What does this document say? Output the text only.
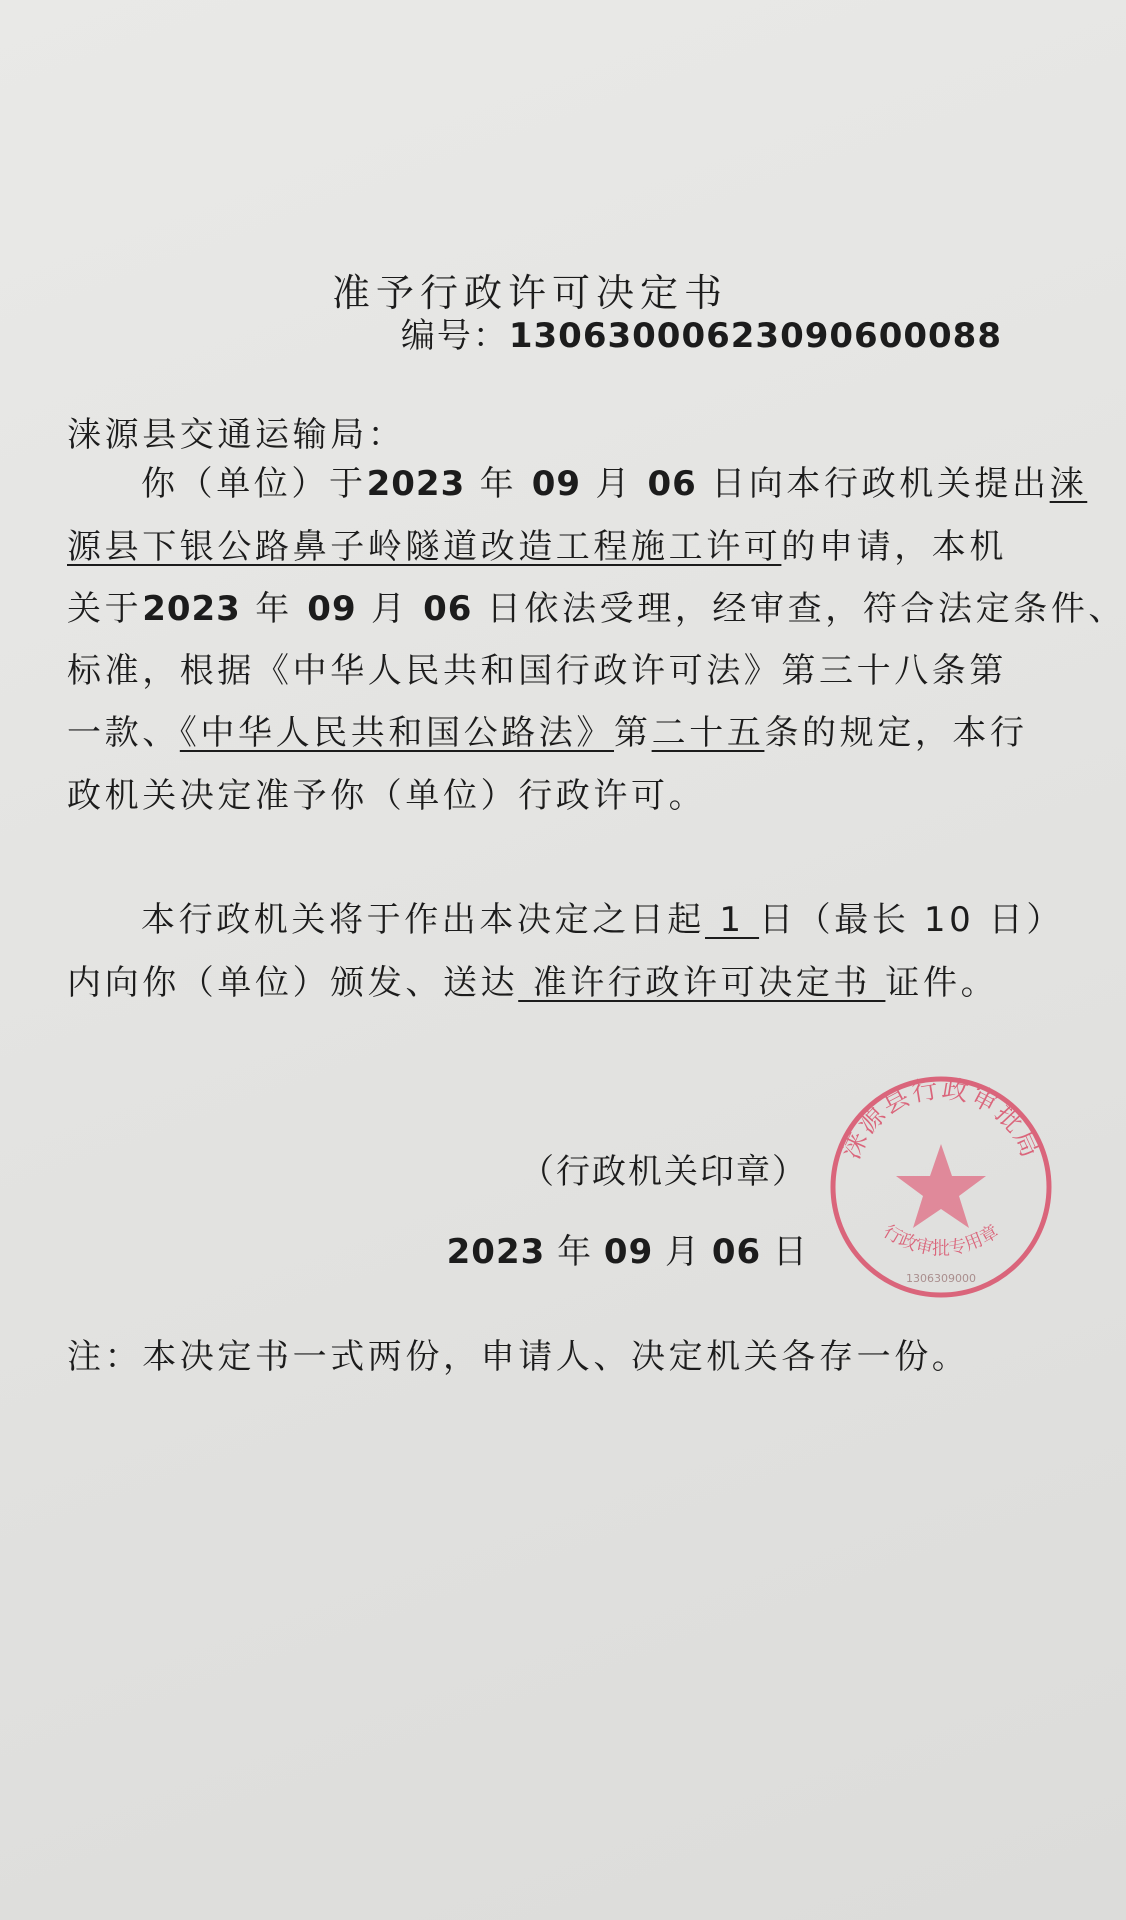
准予行政许可决定书
编号：13063000623090600088
涞源县交通运输局：
你（单位）于2023 年 09 月 06 日向本行政机关提出涞
源县下银公路鼻子岭隧道改造工程施工许可的申请，本机
关于2023 年 09 月 06 日依法受理，经审查，符合法定条件、
标准，根据《中华人民共和国行政许可法》第三十八条第
一款、《中华人民共和国公路法》第二十五条的规定，本行
政机关决定准予你（单位）行政许可。
本行政机关将于作出本决定之日起 1 日（最长 10 日）
内向你（单位）颁发、送达 准许行政许可决定书 证件。
涞源县行政审批局
行政审批专用章
1306309000
（行政机关印章）
2023 年 09 月 06 日
注：本决定书一式两份，申请人、决定机关各存一份。
